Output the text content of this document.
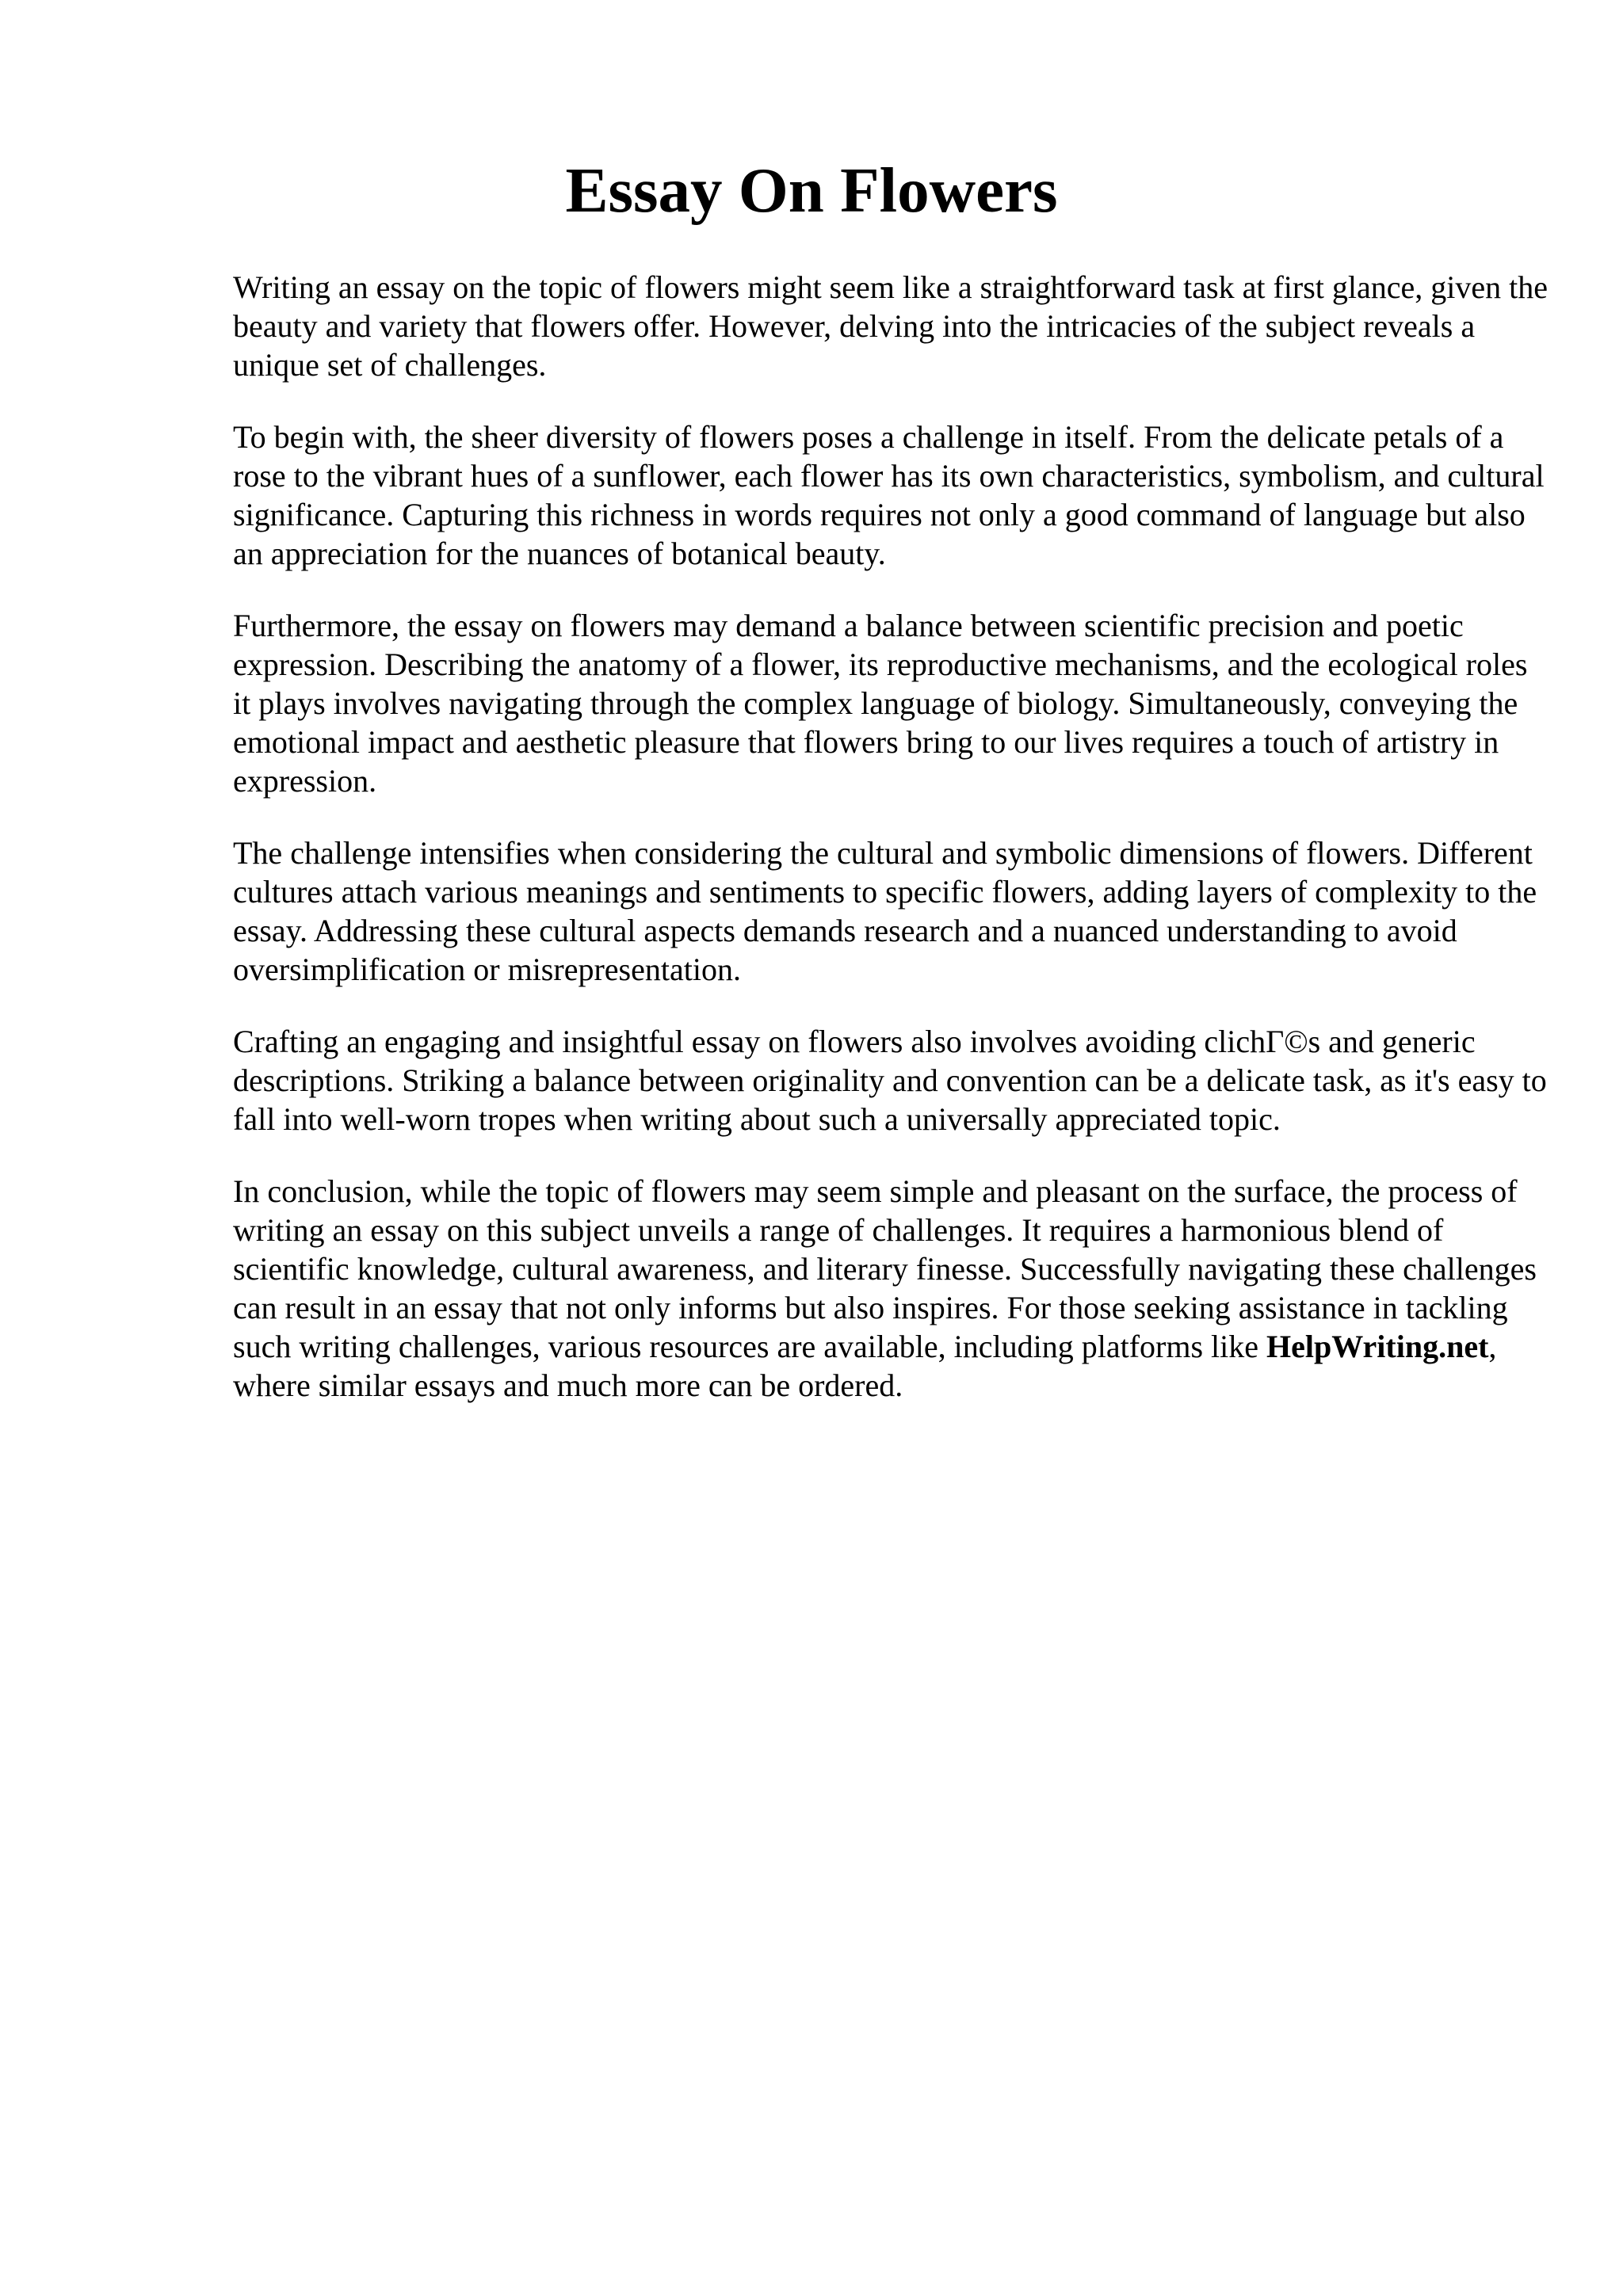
Essay On Flowers

Writing an essay on the topic of flowers might seem like a straightforward task at first glance, given the beauty and variety that flowers offer. However, delving into the intricacies of the subject reveals a unique set of challenges.

To begin with, the sheer diversity of flowers poses a challenge in itself. From the delicate petals of a rose to the vibrant hues of a sunflower, each flower has its own characteristics, symbolism, and cultural significance. Capturing this richness in words requires not only a good command of language but also an appreciation for the nuances of botanical beauty.

Furthermore, the essay on flowers may demand a balance between scientific precision and poetic expression. Describing the anatomy of a flower, its reproductive mechanisms, and the ecological roles it plays involves navigating through the complex language of biology. Simultaneously, conveying the emotional impact and aesthetic pleasure that flowers bring to our lives requires a touch of artistry in expression.

The challenge intensifies when considering the cultural and symbolic dimensions of flowers. Different cultures attach various meanings and sentiments to specific flowers, adding layers of complexity to the essay. Addressing these cultural aspects demands research and a nuanced understanding to avoid oversimplification or misrepresentation.

Crafting an engaging and insightful essay on flowers also involves avoiding clichΓ©s and generic descriptions. Striking a balance between originality and convention can be a delicate task, as it's easy to fall into well-worn tropes when writing about such a universally appreciated topic.

In conclusion, while the topic of flowers may seem simple and pleasant on the surface, the process of writing an essay on this subject unveils a range of challenges. It requires a harmonious blend of scientific knowledge, cultural awareness, and literary finesse. Successfully navigating these challenges can result in an essay that not only informs but also inspires. For those seeking assistance in tackling such writing challenges, various resources are available, including platforms like HelpWriting.net, where similar essays and much more can be ordered.
